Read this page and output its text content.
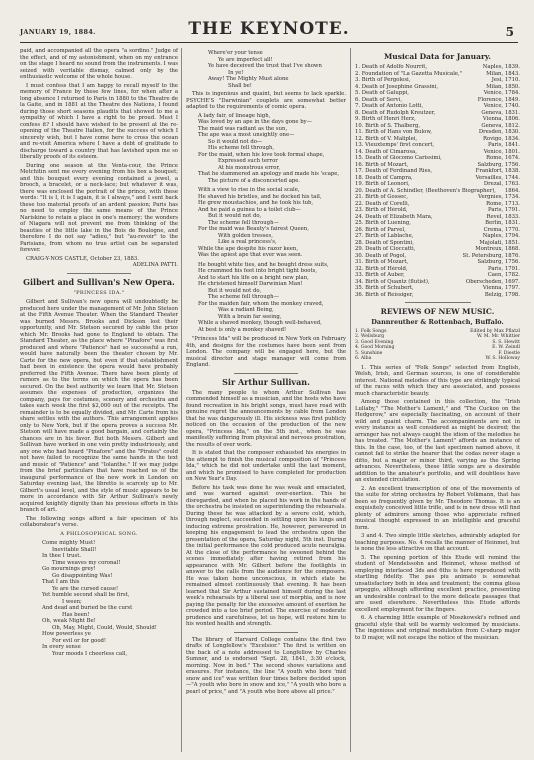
JANUARY 19, 1884.	THE KEYNOTE.	5

paid, and accompanied all the opera "a sordino." Judge of the effect, and of my astonishment, when on my entrance on the stage I heard no sound from the instruments. I was seized with veritable dismay, calmed only by the enthusiastic welcome of the whole house.

I must confess that I am happy to recall myself to the memory of France by these few lines, for when after a long absence I returned to Paris in 1880 to the Theatre de la Gaite, and in 1881 at the Theatre des Nations, I found during those short seasons plaudits that showed to me a sympathy of which I have a right to be proud. Must I confess it? I should have wished to be present at the re-opening of the Theatre Italien, for the success of which I sincerely wish, but I have come here to cross the ocean and re-visit America where I have a debt of gratitude to discharge toward a country that has lavished upon me so liberally proofs of its esteem.

During one season at the Venta-cour, the Prince Metchitin sent me every evening from his box a bouquet; and this bouquet every evening contained a jewel, a brooch, a bracelet, or a neck-lace; but whatever it was, there was enclosed the portrait of the prince, with these words: "It is I, it is I again, it is I always," and I sent back these too material proofs of an ardent passion; Paris has no need to employ the same means of the Prince Nariskine to retain a place in one's memory; the wonders of Niagara will not prevent me from thinking of the beauties of the little lake in the Bois de Boulogne, and therefore I do not say "adieu," but "au-revoir" to the Parisians, from whom no true artist can be separated forever.

CRAIG-Y-NOS CASTLE, October 23, 1883.
ADELINA PATTI.
Gilbert and Sullivan's New Opera.
"PRINCESS IDA."

Gilbert and Sullivan's new opera will undoubtedly be produced here under the management of Mr. John Stetson at the Fifth Avenue Theater. When the Standard Theater was burned Messrs. Brooks and Dickson lost their opportunity, and Mr. Stetson secured by cable the prize which Mr. Brooks had gone to England to obtain. The Standard Theater, as the place where "Pinafore" was first produced and where "Patience" had so successful a run, would have naturally been the theater chosen by Mr. Carte for the new opera, but even if that establishment had been in existence the opera would have probably preferred the Fifth Avenue. There have been plenty of rumors as to the terms on which the opera has been secured. On the best authority we learn that Mr. Stetson assumes the expenses of production, organizes the company, pays for costumes, scenery and orchestra and takes each week the first $2,000 out of the receipts. The remainder is to be equally divided, and Mr. Carte from his share settles with the authors. This arrangement applies only to New York, but if the opera proves a success Mr. Stetson will have made a good bargain, and certainly the chances are in his favor. But both Messrs. Gilbert and Sullivan have worked in one vein pretty industriously, and any one who had heard "Pinafore" and the "Pirates" could not have failed to recognize the same hands in the text and music of "Patience" and "Iolanthe." If we may judge from the brief particulars that have reached us of the inaugural performance of the new work in London on Saturday evening last, the libretto is scarcely up to Mr. Gilbert's usual level, and the style of music appears to be more in accordance with Sir Arthur Sullivan's newly acquired knightly dignity than his previous efforts in this branch of art.

The following songs afford a fair specimen of his collaborateur's verse.

A PHILOSOPHICAL SONG.
Come mighty Must!
Inevitable Shall!
In thee I trust.
Time weaves my coronal!
Go mournings grey!
Go disappointing Was!
That I am this
Ye are the cursed cause!
Yet humble second shall be first,
I ween;
And dead and buried be the curst
Has been!
Oh, weak Might Be!
Oh, May, Might, Could, Would, Should!
How powerless ye
For evil or for good!
In every sense
Your moods I cheerless call,
Where'er your tense
Ye are imperfect all!
Ye have deceived the trust that I've shown
In ye!
Away! The Mighty Must alone
Shall be!

This is ingenious and quaint, but seems to lack sparkle. PSYCHE'S "Darwinian" couplets are somewhat better adapted to the requirements of comic opera.

A lady fair, of lineage high,
Was loved by an ape in the days gone by—
The maid was radiant as the sun,
The ape was a most unsightly one—
So it would not do—
His scheme fell through,
For the maid, when his love took formal shape,
Expressed such terror
At his monstrous error,
That he stammered an apology and made his 'scape,
The picture of a disconcerted ape.
With a view to rise in the social scale,
He shaved his bristles, and he docked his tail,
He grew moustachios, and he took his tub,
And he paid a guinea to a toilet club—
But it would not do,
The scheme fell through—
For the maid was Beauty's fairest Queen,
With golden tresses,
Like a real princess's,
While the ape despite his razor keen,
Was the apiest ape that ever was seen.
He bought white ties, and he bought dress suits,
He crammed his feet into bright tight boots,
And to start his life on a bright new plan,
He christened himself Darwinian Man!
But it would not do,
The scheme fell through—
For the maiden fair, whom the monkey craved,
Was a radiant Being,
With a brain far seeing,
While a shaved monkey, though well-behaved,
At best is only a monkey shaved!

"Princess Ida" will be produced in New York on February 4th, and designs for the costumes have been sent from London. The company will be engaged here, but the musical director and stage manager will come from England.

Sir Arthur Sullivan.

The many people to whom Arthur Sullivan has commended himself as a musician, and the hosts who have found recreation in his bright songs, must have read with genuine regret the announcements by cable from London that he was dangerously ill. His sickness was first publicly noticed on the occasion of the production of the new opera, "Princess Ida," on the 5th inst., when he was manifestly suffering from physical and nervous prostration, the results of over work.

It is stated that the composer exhausted his energies in the attempt to finish the musical composition of "Princess Ida," which he did not undertake until the last moment, and which he promised to have completed for production on New Year's Day.

Before his task was done he was weak and emaciated, and was warned against over-exertion. This he disregarded, and when he placed his work in the hands of the orchestra he insisted on superintending the rehearsals. During these he was attacked by a severe cold, which, through neglect, succeeded in settling upon his lungs and inducing extreme prostration. He, however, persevered in keeping his engagement to lead the orchestra upon the presentation of the opera, Saturday night, 5th inst. During the initial performance the cold produced acute neuralgia. At the close of the performance he swooned behind the scenes immediately after having retired from his appearance with Mr. Gilbert before the footlights in answer to the calls from the audience for the composers. He was taken home unconscious, in which state he remained almost continuously that evening. It has been learned that Sir Arthur sustained himself during the last week's rehearsals by a liberal use of morphia, and is now paying the penalty for the excessive amount of exertion he crowded into a too brief period. The exercise of moderate prudence and carefulness, let us hope, will restore him to his wonted health and strength.

The library of Harvard College contains the first two drafts of Longfellow's "Excelsior." The first is written on the back of a note addressed to Longfellow by Charles Sumner, and is endorsed "Sept. 28, 1841, 3:30 o'clock, morning. Now in bed." The second shows variations and erasures. For instance, the line "A youth who bore 'mid snow and ice" was written four times before decided upon—"A youth who bore in snow and ice," "A youth who bore a pearl of price," and "A youth who bore above all price."

Musical Data for January.
1. Death of Adolfo Nourrit,	Naples, 1839.
2. Foundation of "La Gazetta Musicale,"	Milan, 1843.
3. Birth of Pergolesi,	Jesi, 1710.
4. Death of Josephine Grassini,	Milan, 1850.
5. Death of Galuppi,	Venice, 1784.
6. Death of Servi,	Florence, 1849.
7. Death of Antonio Lotti,	Venice, 1740.
8. Death of Rudolph Kreutzer,	Geneva, 1831.
9. Birth of Henri Herz,	Vienna, 1806.
10. Birth of S. Thalberg,	Geneva, 1812.
11. Birth of Hans von Bulow,	Dresden, 1830.
12. Birth of V. Maliplei,	Rovigo, 1834.
13. Vieuxtemps' first concert,	Paris, 1841.
14. Death of Cimarosa,	Venice, 1801.
15. Death of Giocomo Carissimi,	Rome, 1674.
16. Birth of Mozart,	Salzburg, 1756.
17. Death of Ferdinand Ries,	Frankfort, 1838.
18. Death of Campra,	Versailles, 1744.
19. Birth of Leonori,	Drezal, 1763.
20. Death of A. Schindler, (Beethoven's Biographer), 1864.
21. Birth of Gossec,	Vergnies, 1734.
22. Death of Corelli,	Rome, 1713.
23. Birth of Hérold,	Paris, 1791.
24. Death of Elizabeth Mara,	Revel, 1833.
25. Birth of Luening,	Berlin, 1831.
26. Birth of Parvel,	Crema, 1770.
27. Birth of Lablache,	Naples, 1794.
28. Death of Spontini,	Majolati, 1851.
29. Death of Cioccatti,	Montreux, 1868.
30. Death of Pogol,	St. Petersburg, 1876.
31. Birth of Mozart,	Salzburg, 1756.
32. Birth of Hérold,	Paris, 1791.
33. Birth of Auber,	Caen, 1782.
34. Birth of Quantz (flutist),	Oberscheden, 1697.
35. Birth of Schubert,	Vienna, 1797.
36. Birth of Reissiger,	Belzig, 1798.
REVIEWS OF NEW MUSIC.
Dannreuther & Rottenbach, Buffalo.
1. Folk Songs	Edited by Max Pflatzl
2. Wellsburg	W. M. Mr. Whittier
3. Good Evening	S. S. Hewitt
4. Good Morning	E. W. Zeindl
5. Sunshine	F. Diestle
6. Alba	W. S. Holloway

1. This series of "Folk Songs" selected from English, Welsh, Irish, and German sources, is one of considerable interest. National melodies of this type are strikingly typical of the races with which they are associated, and possess much characteristic beauty.

Among those contained in this collection, the "Irish Lullaby," "The Mother's Lament," and "The Cuckoo on the Hedgerow," are especially fascinating, on account of their wild and quaint charm. The accompaniments are not in every instance as well considered as might be desired; the arranger has not always caught the idiom of the melodies he has treated. "The Mother's Lament" affords an instance of this. In the case, too, of the last specimen named above, it cannot fail to strike the hearer that the codas never stage a ditto, but a major or minor third, varying as the Spring advances. Nevertheless, these little songs are a desirable addition to the amateur's portfolio, and will doubtless have an extended circulation.

2. An excellent transcription of one of the movements of the suite for string orchestra by Robert Volkmann, that has been so frequently given by Mr. Theodore Thomas. It is an exquisitely conceived little trifle, and is in new dress will find plenty of admirers among those who appreciate refined musical thought expressed in an intelligible and graceful form.

3 and 4. Two simple little sketches, admirably adapted for teaching purposes. No. 4 recalls the manner of Heinmet, but is none the less attractive on that account.

5. The opening portion of this Etude will remind the student of Mendelssohn and Heinmet, whose method of employing interlaced 3ds and 6ths is here reproduced with startling fidelity. The pas piu animato is somewhat unsatisfactory both in idea and treatment; the comma glissa arpeggio, although affording excellent practice, presenting an undesirable contrast to the more delicate passages that are used elsewhere. Nevertheless this Etude affords excellent employment for the fingers.

6. A charming little example of Moszkowski's refined and graceful style that will be warmly welcomed by musicians. The ingenious and original modulation from C-sharp major to D major, will not escape the notice of the musician.
